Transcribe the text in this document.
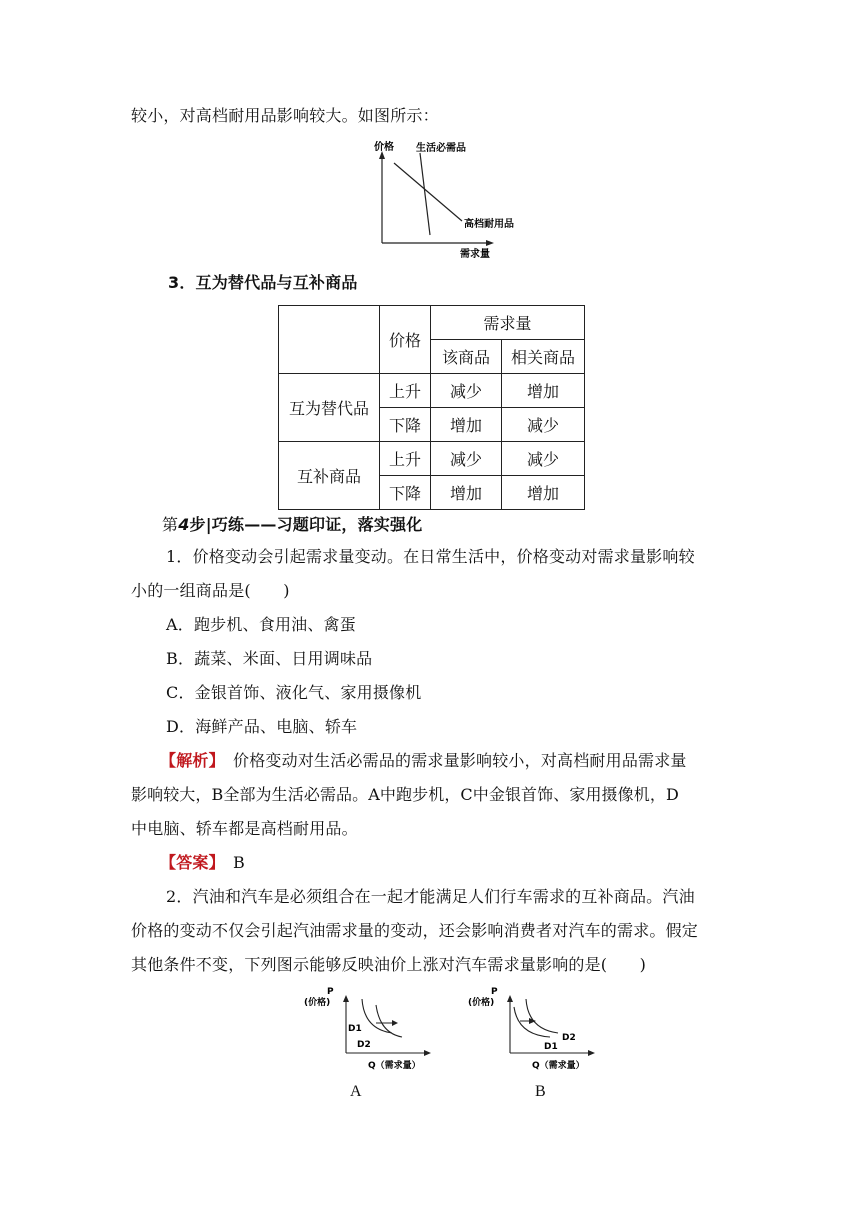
较小，对高档耐用品影响较大。如图所示：
价格 生活必需品
高档耐用品
需求量
3．互为替代品与互补商品
	价格	需求量	
		该商品	相关商品
互为替代品	上升	减少	增加
	下降	增加	减少
互补商品	上升	减少	减少
	下降	增加	增加
第4步|巧练——习题印证，落实强化
1．价格变动会引起需求量变动。在日常生活中，价格变动对需求量影响较
小的一组商品是(　　)
A．跑步机、食用油、禽蛋
B．蔬菜、米面、日用调味品
C．金银首饰、液化气、家用摄像机
D．海鲜产品、电脑、轿车
【解析】　价格变动对生活必需品的需求量影响较小，对高档耐用品需求量
影响较大，B全部为生活必需品。A中跑步机，C中金银首饰、家用摄像机，D
中电脑、轿车都是高档耐用品。
【答案】　B
2．汽油和汽车是必须组合在一起才能满足人们行车需求的互补商品。汽油
价格的变动不仅会引起汽油需求量的变动，还会影响消费者对汽车的需求。假定
其他条件不变，下列图示能够反映油价上涨对汽车需求量影响的是(　　)
P
(价格)
D1
D2
Q（需求量）
A
P
(价格)
D2
D1
Q（需求量）
B
